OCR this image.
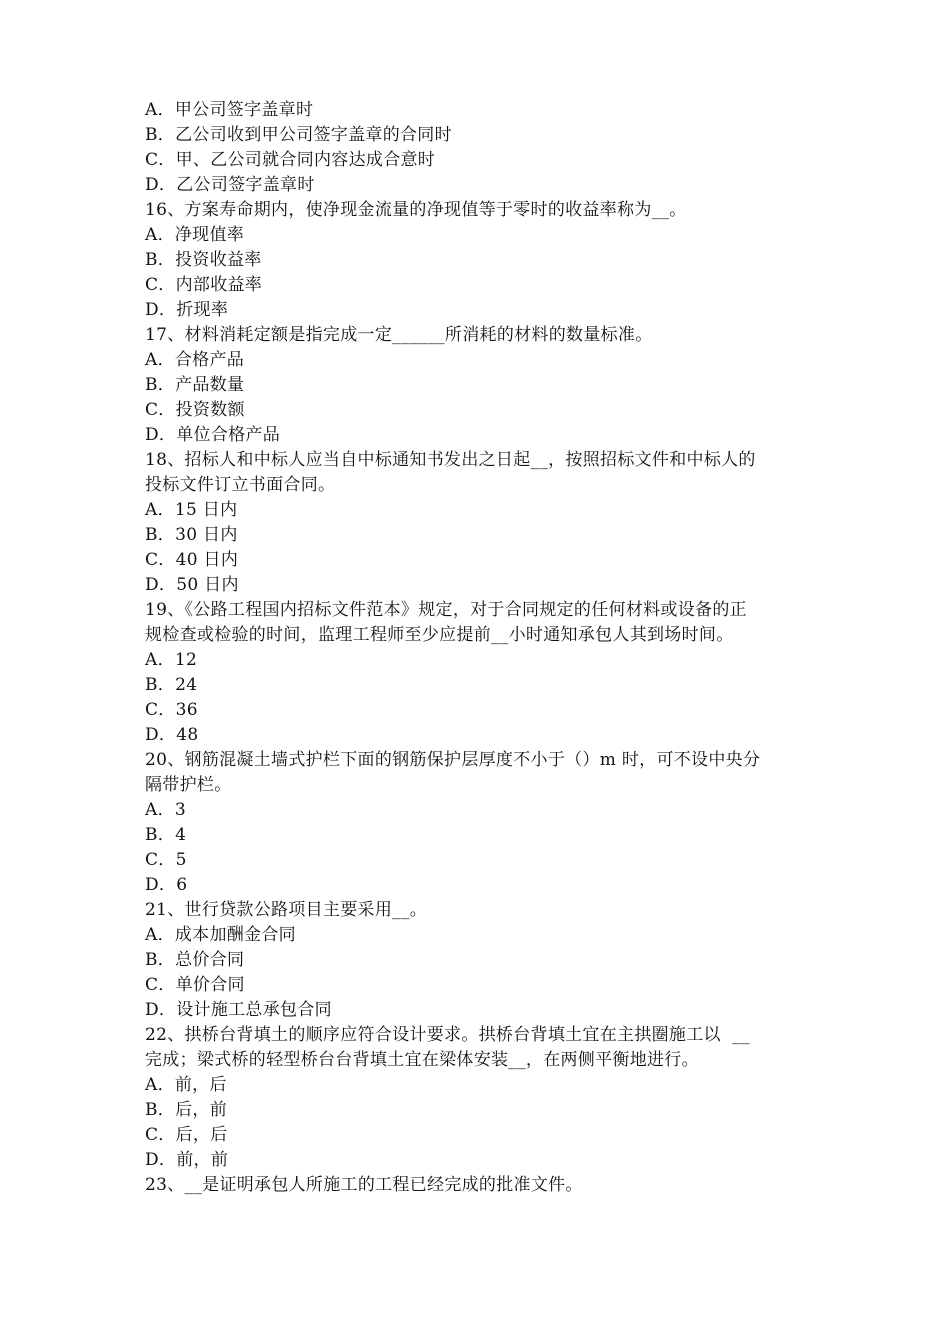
A．甲公司签字盖章时
B．乙公司收到甲公司签字盖章的合同时
C．甲、乙公司就合同内容达成合意时
D．乙公司签字盖章时
16、方案寿命期内，使净现金流量的净现值等于零时的收益率称为__。
A．净现值率
B．投资收益率
C．内部收益率
D．折现率
17、材料消耗定额是指完成一定______所消耗的材料的数量标准。
A．合格产品
B．产品数量
C．投资数额
D．单位合格产品
18、招标人和中标人应当自中标通知书发出之日起__，按照招标文件和中标人的
投标文件订立书面合同。
A．15 日内
B．30 日内
C．40 日内
D．50 日内
19、《公路工程国内招标文件范本》规定，对于合同规定的任何材料或设备的正
规检查或检验的时间，监理工程师至少应提前__小时通知承包人其到场时间。
A．12
B．24
C．36
D．48
20、钢筋混凝土墙式护栏下面的钢筋保护层厚度不小于（）m 时，可不设中央分
隔带护栏。
A．3
B．4
C．5
D．6
21、世行贷款公路项目主要采用__。
A．成本加酬金合同
B．总价合同
C．单价合同
D．设计施工总承包合同
22、拱桥台背填土的顺序应符合设计要求。拱桥台背填土宜在主拱圈施工以  __
完成；梁式桥的轻型桥台台背填土宜在梁体安装__，在两侧平衡地进行。
A．前，后
B．后，前
C．后，后
D．前，前
23、__是证明承包人所施工的工程已经完成的批准文件。
